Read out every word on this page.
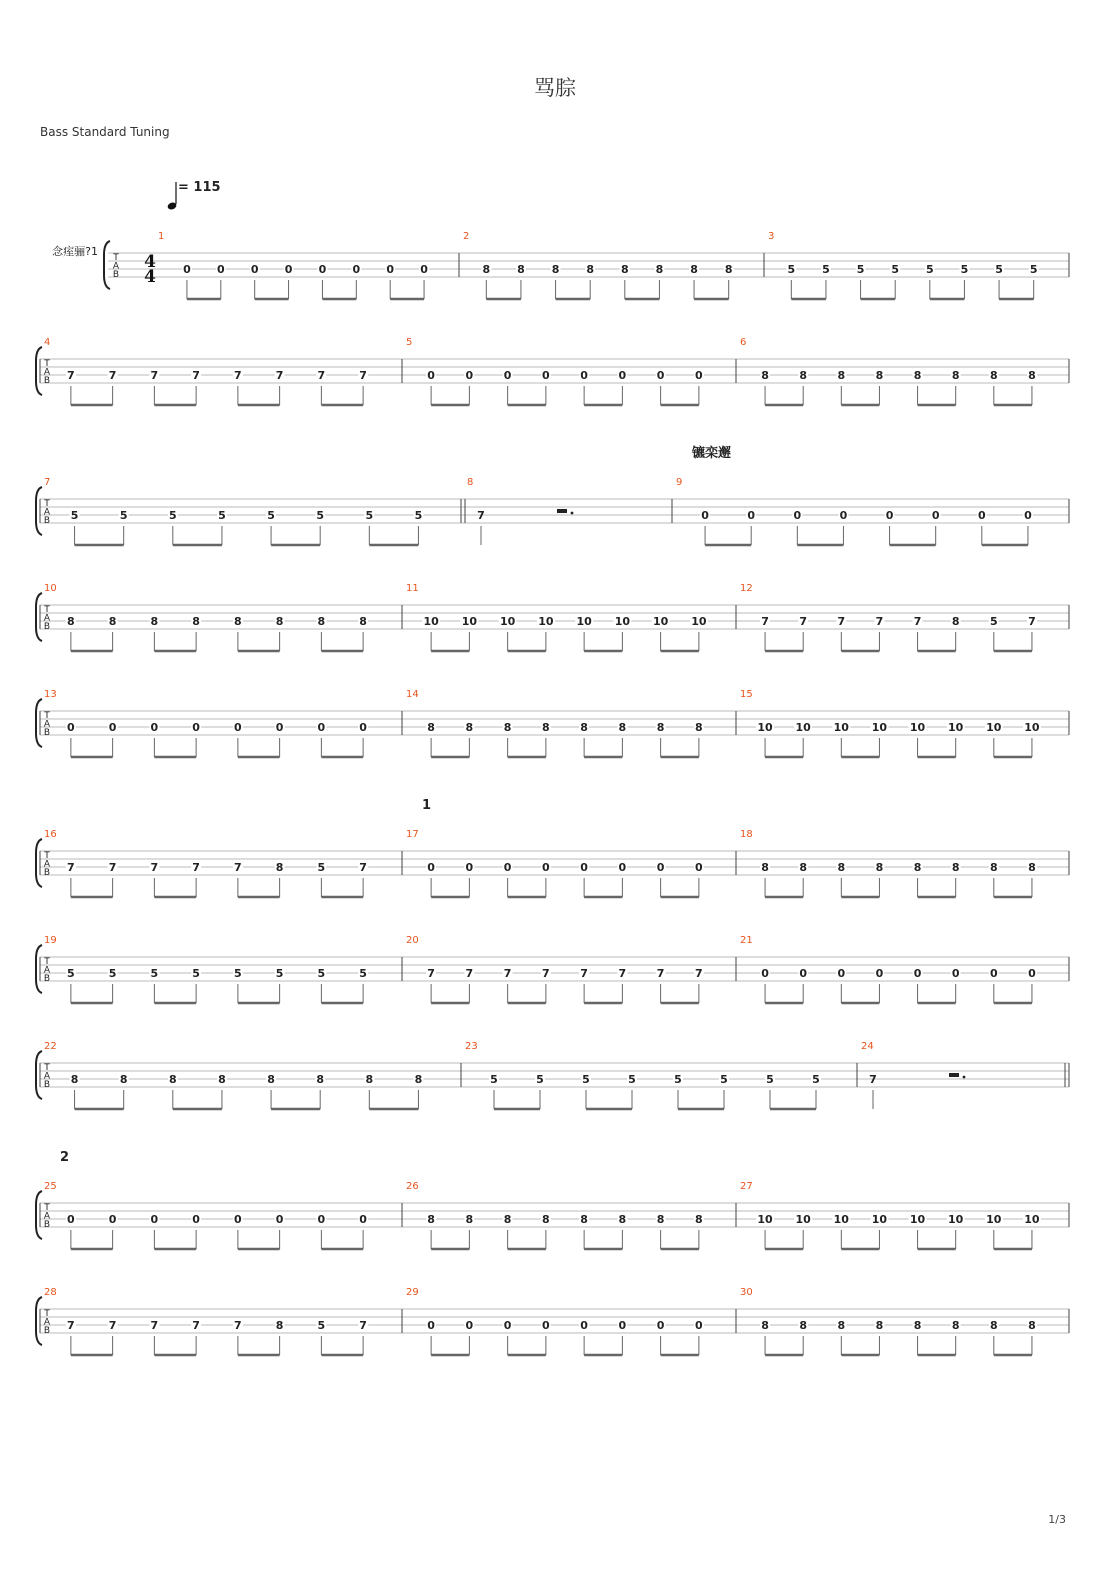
骂腙
Bass Standard Tuning
= 115
T
A
B
念痓骊?1
4
4
1
0 0 0 0 0 0 0 0
2
8 8 8 8 8 8 8 8
3
5 5 5 5 5 5 5 5
T
A
B
4
7	7	7	7	7	7	7	7
5
0	0	0	0	0	0	0	0
6
8	8	8	8	8	8	8	8
T
A
B
7
5	5	5	5	5	5	5	5
8
7
9
镳栾邂
0	0	0	0	0	0	0	0
T
A
B
10
8	8	8	8	8	8	8	8
11
10 10 10 10 10 10 10 10
12
7	7	7	7	7	8	5	7
T
A
B
13
0	0	0	0	0	0	0	0
14
8	8	8	8	8	8	8	8
15
10 10 10 10 10 10 10 10
T
A
B
16
7	7	7	7	7	8	5	7
17
1
0	0	0	0	0	0	0	0
18
8	8	8	8	8	8	8	8
T
A
B
19
5	5	5	5	5	5	5	5
20
7	7	7	7	7	7	7	7
21
0	0	0	0	0	0	0	0
T
A
B
22
8	8	8	8	8	8	8	8
23
5	5	5	5	5	5	5	5
24
7
T
A
B
25
2
0	0	0	0	0	0	0	0
26
8	8	8	8	8	8	8	8
27
10 10 10 10 10 10 10 10
T
A
B
28
7	7	7	7	7	8	5	7
29
0	0	0	0	0	0	0	0
30
8	8	8	8	8	8	8	8
1/3
